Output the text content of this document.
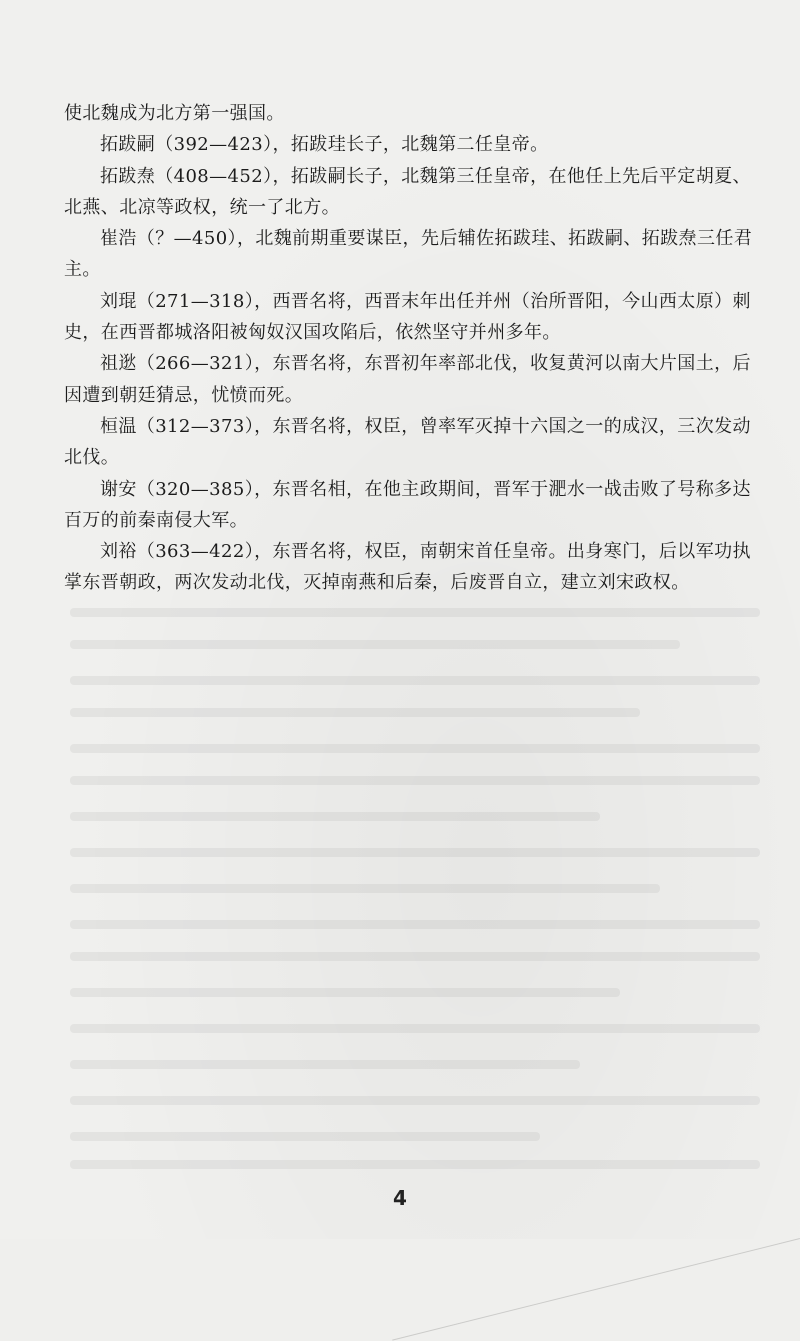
使北魏成为北方第一强国。

拓跋嗣（392—423），拓跋珪长子，北魏第二任皇帝。

拓跋焘（408—452），拓跋嗣长子，北魏第三任皇帝，在他任上先后平定胡夏、北燕、北凉等政权，统一了北方。

崔浩（？—450），北魏前期重要谋臣，先后辅佐拓跋珪、拓跋嗣、拓跋焘三任君主。

刘琨（271—318），西晋名将，西晋末年出任并州（治所晋阳，今山西太原）刺史，在西晋都城洛阳被匈奴汉国攻陷后，依然坚守并州多年。

祖逖（266—321），东晋名将，东晋初年率部北伐，收复黄河以南大片国土，后因遭到朝廷猜忌，忧愤而死。

桓温（312—373），东晋名将，权臣，曾率军灭掉十六国之一的成汉，三次发动北伐。

谢安（320—385），东晋名相，在他主政期间，晋军于淝水一战击败了号称多达百万的前秦南侵大军。

刘裕（363—422），东晋名将，权臣，南朝宋首任皇帝。出身寒门，后以军功执掌东晋朝政，两次发动北伐，灭掉南燕和后秦，后废晋自立，建立刘宋政权。

4
